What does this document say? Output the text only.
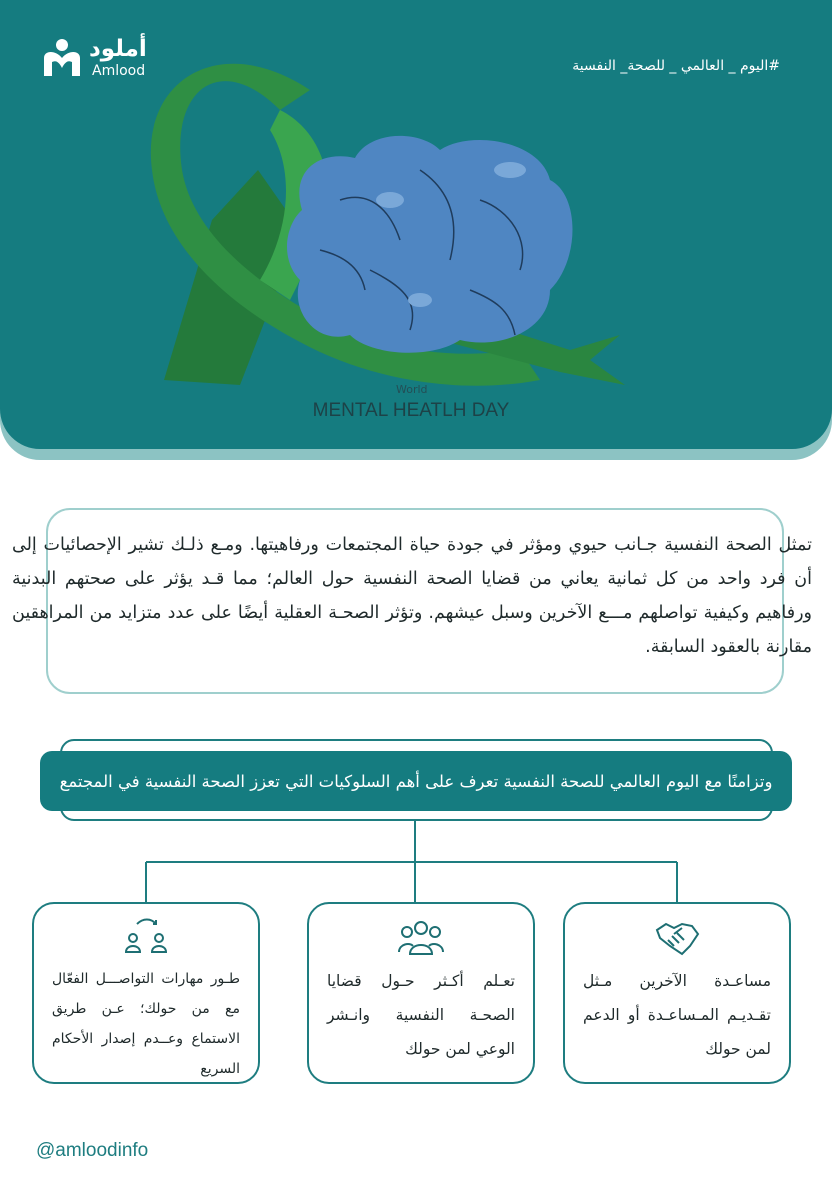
أملود
Amlood	#اليوم _ العالمي _ للصحة_ النفسية
World
MENTAL HEATLH DAY

تمثل الصحة النفسية جـانب حيوي ومؤثر في جودة حياة المجتمعات ورفاهيتها. ومـع ذلـك تشير الإحصائيات إلى أن فرد واحد من كل ثمانية يعاني من قضايا الصحة النفسية حول العالم؛ مما قـد يؤثر على صحتهم البدنية ورفاهيم وكيفية تواصلهم مـــع الآخرين وسبل عيشهم. وتؤثر الصحـة العقلية أيضًا على عدد متزايد من المراهقين مقارنة بالعقود السابقة.

وتزامنًا مع اليوم العالمي للصحة النفسية تعرف على أهم السلوكيات التي تعزز الصحة النفسية في المجتمع
مساعـدة الآخرين مـثل تقـديـم المـساعـدة أو الدعم لمن حولك
تعـلم أكـثر حـول قضايا الصحـة النفسية وانـشر الوعي لمن حولك
طـور مهارات التواصـــل الفعّال مع من حولك؛ عـن طريق الاستماع وعــدم إصدار الأحكام السريع
@amloodinfo
